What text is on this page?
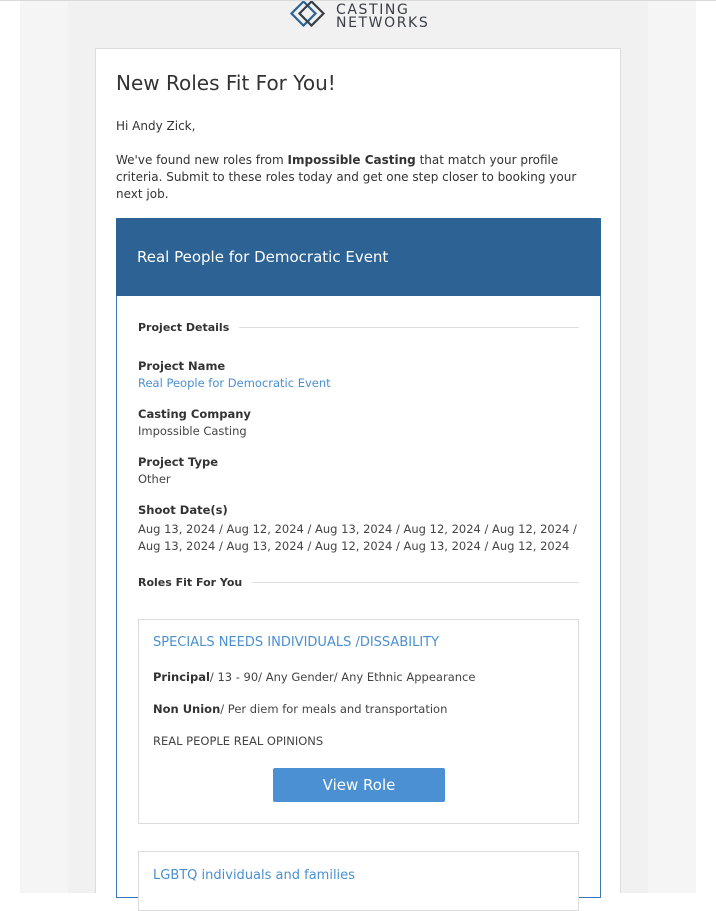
CASTING
NETWORKS
New Roles Fit For You!
Hi Andy Zick,
We've found new roles from Impossible Casting that match your profile criteria. Submit to these roles today and get one step closer to booking your next job.
Real People for Democratic Event
Project Details
Project Name
Real People for Democratic Event
Casting Company
Impossible Casting
Project Type
Other
Shoot Date(s)
Aug 13, 2024 / Aug 12, 2024 / Aug 13, 2024 / Aug 12, 2024 / Aug 12, 2024 / Aug 13, 2024 / Aug 13, 2024 / Aug 12, 2024 / Aug 13, 2024 / Aug 12, 2024
Roles Fit For You
SPECIALS NEEDS INDIVIDUALS /DISSABILITY
Principal/ 13 - 90/ Any Gender/ Any Ethnic Appearance
Non Union/ Per diem for meals and transportation
REAL PEOPLE REAL OPINIONS
View Role
LGBTQ individuals and families
